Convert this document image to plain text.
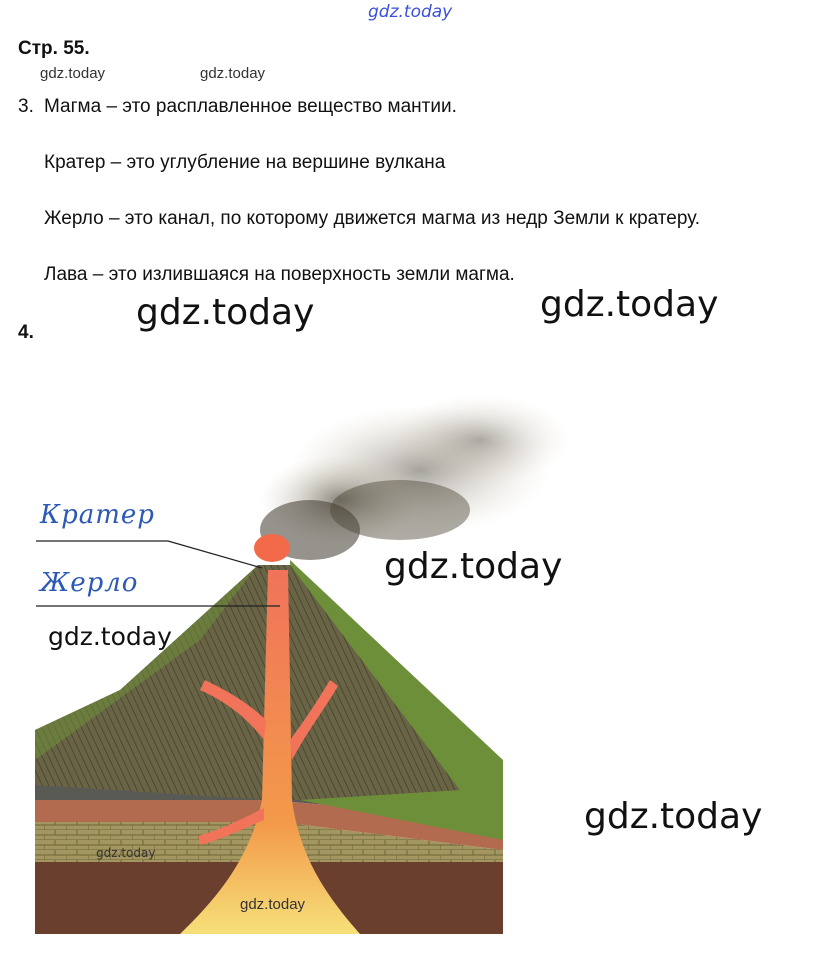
gdz.today
Стр. 55.
gdz.today	gdz.today
3. Магма – это расплавленное вещество мантии.
Кратер – это углубление на вершине вулкана
Жерло – это канал, по которому движется магма из недр Земли к кратеру.
Лава – это излившаяся на поверхность земли магма.
gdz.today	gdz.today
4.
Кратер
Жерло	gdz.today
gdz.today
gdz.today
gdz.today
gdz.today
